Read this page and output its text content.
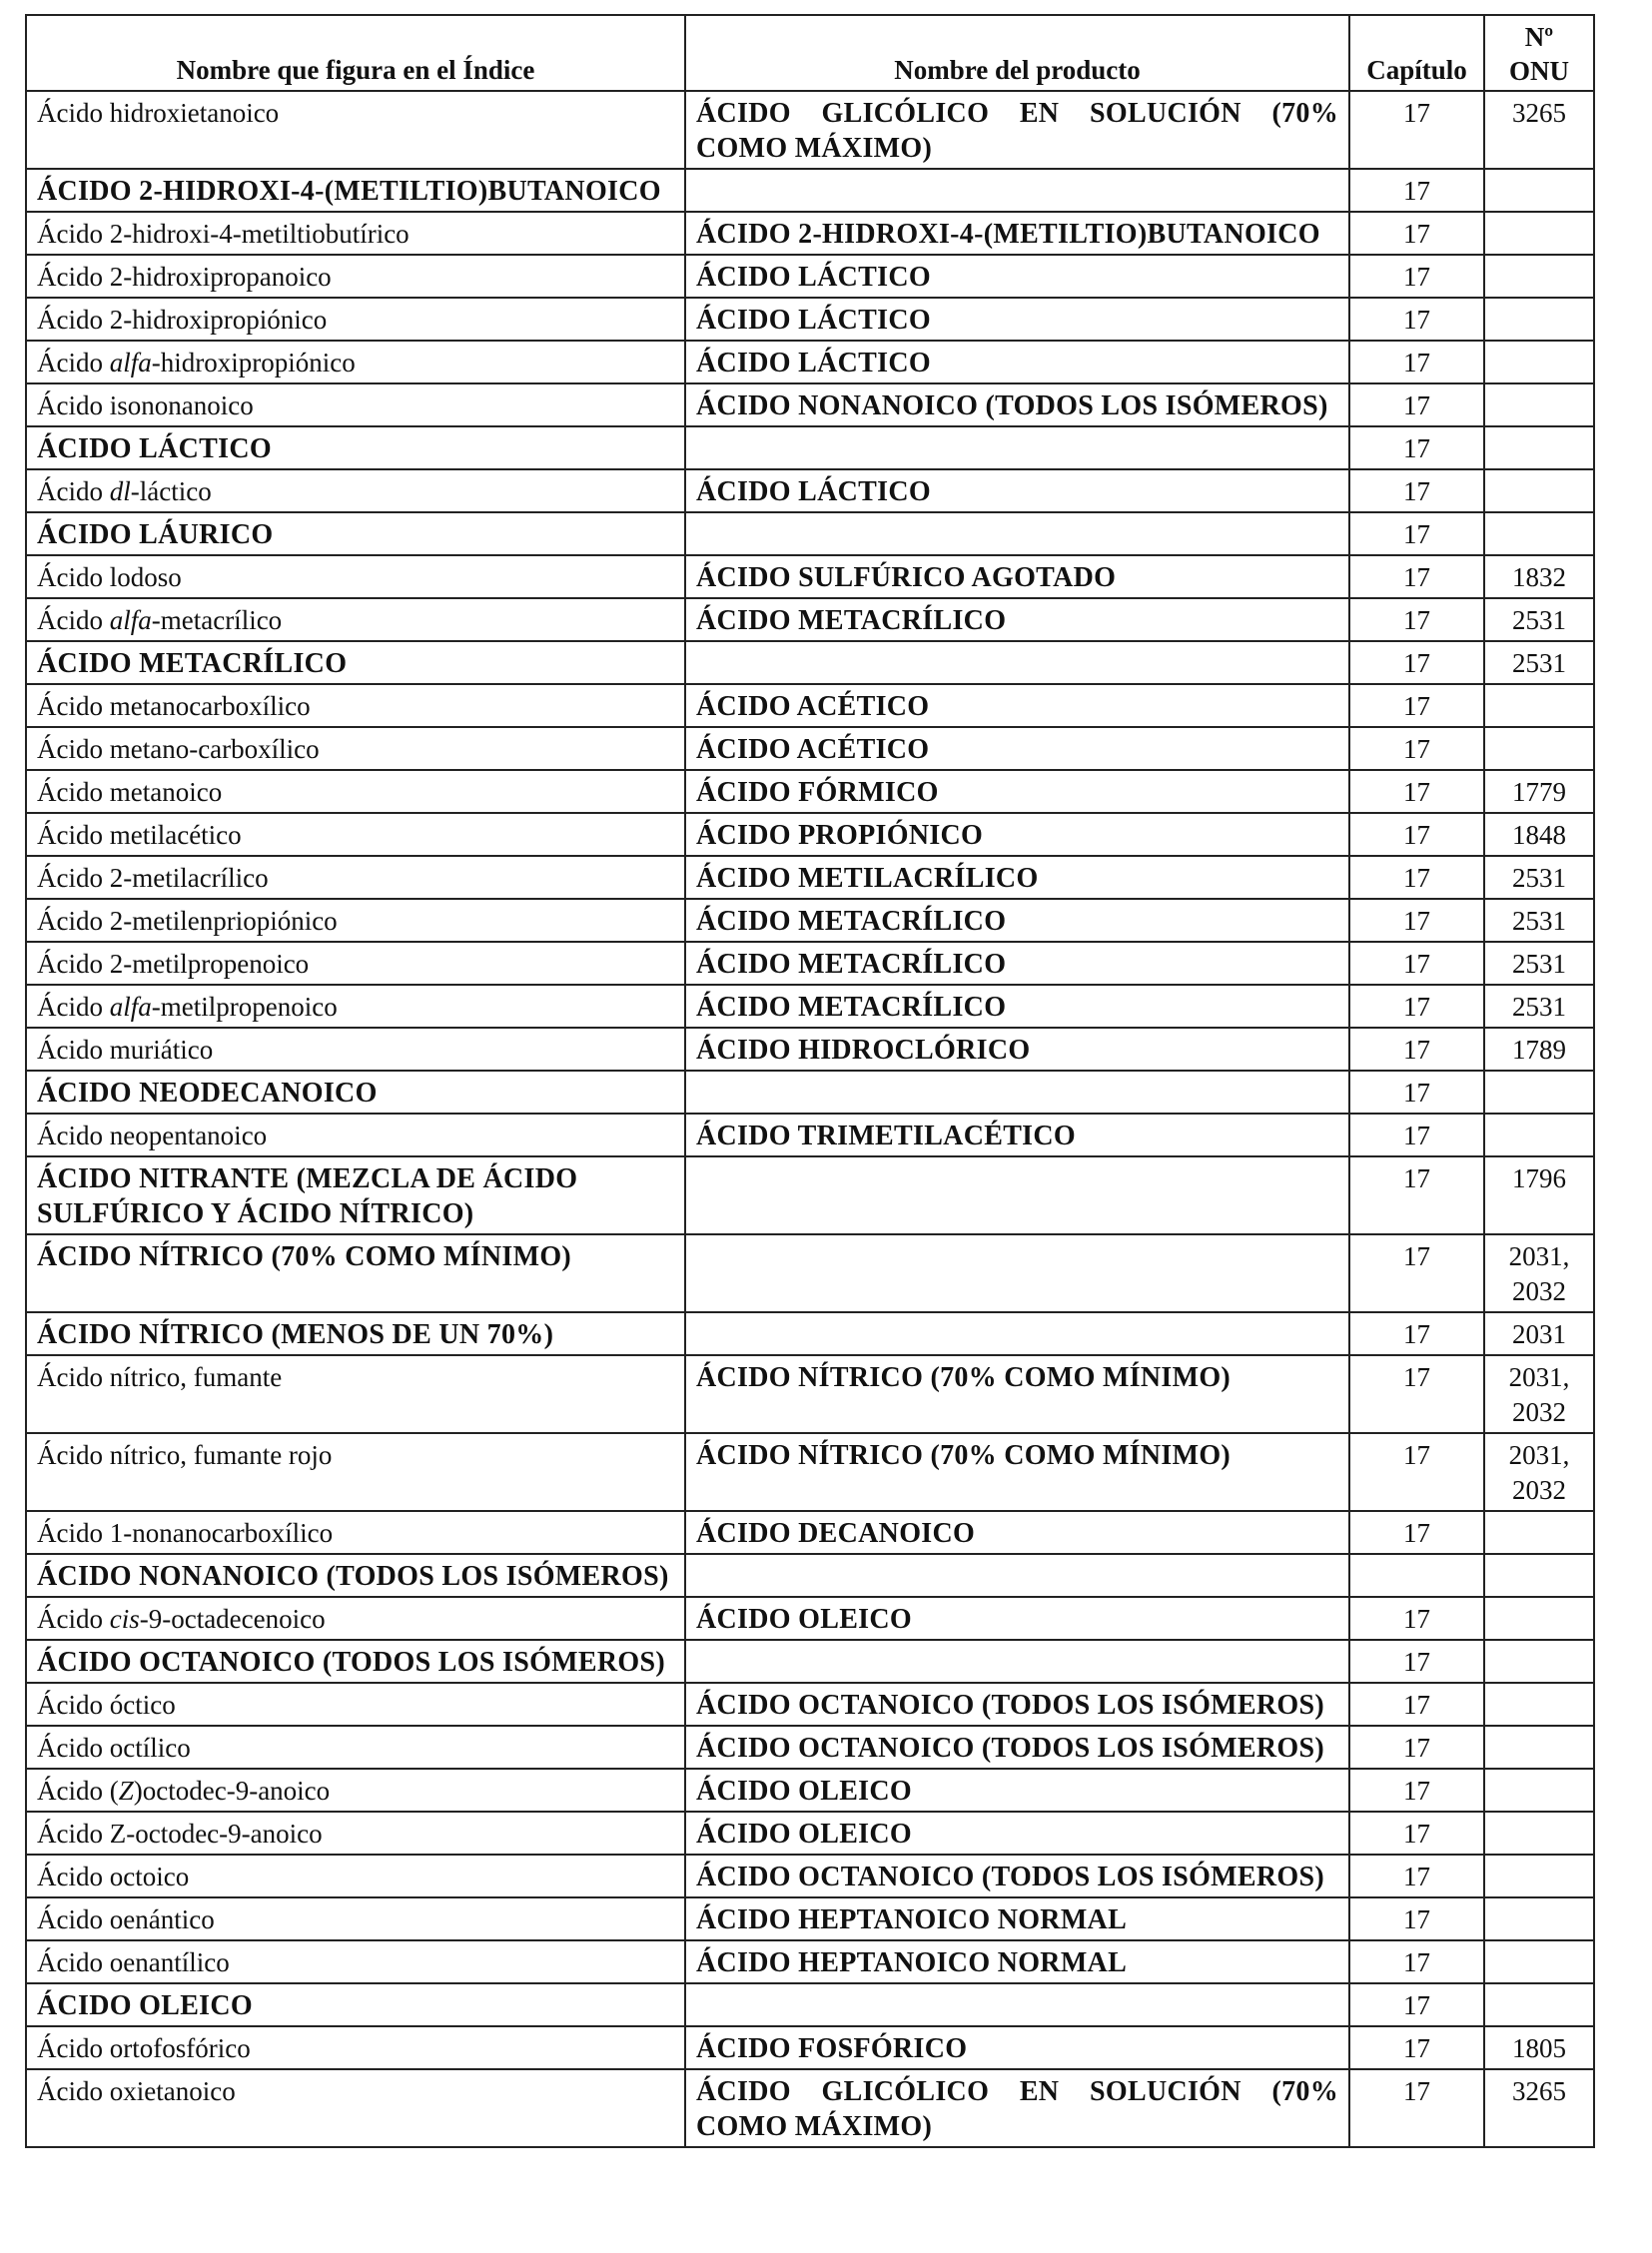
Nombre que figura en el Índice	Nombre del producto	Capítulo	Nº
ONU
Ácido hidroxietanoico	ÁCIDO GLICÓLICO EN SOLUCIÓN (70% COMO MÁXIMO)	17	3265
ÁCIDO 2-HIDROXI-4-(METILTIO)BUTANOICO		17	
Ácido 2-hidroxi-4-metiltiobutírico	ÁCIDO 2-HIDROXI-4-(METILTIO)BUTANOICO	17	
Ácido 2-hidroxipropanoico	ÁCIDO LÁCTICO	17	
Ácido 2-hidroxipropiónico	ÁCIDO LÁCTICO	17	
Ácido alfa-hidroxipropiónico	ÁCIDO LÁCTICO	17	
Ácido isononanoico	ÁCIDO NONANOICO (TODOS LOS ISÓMEROS)	17	
ÁCIDO LÁCTICO		17	
Ácido dl-láctico	ÁCIDO LÁCTICO	17	
ÁCIDO LÁURICO		17	
Ácido lodoso	ÁCIDO SULFÚRICO AGOTADO	17	1832
Ácido alfa-metacrílico	ÁCIDO METACRÍLICO	17	2531
ÁCIDO METACRÍLICO		17	2531
Ácido metanocarboxílico	ÁCIDO ACÉTICO	17	
Ácido metano-carboxílico	ÁCIDO ACÉTICO	17	
Ácido metanoico	ÁCIDO FÓRMICO	17	1779
Ácido metilacético	ÁCIDO PROPIÓNICO	17	1848
Ácido 2-metilacrílico	ÁCIDO METILACRÍLICO	17	2531
Ácido 2-metilenpriopiónico	ÁCIDO METACRÍLICO	17	2531
Ácido 2-metilpropenoico	ÁCIDO METACRÍLICO	17	2531
Ácido alfa-metilpropenoico	ÁCIDO METACRÍLICO	17	2531
Ácido muriático	ÁCIDO HIDROCLÓRICO	17	1789
ÁCIDO NEODECANOICO		17	
Ácido neopentanoico	ÁCIDO TRIMETILACÉTICO	17	
ÁCIDO NITRANTE (MEZCLA DE ÁCIDO SULFÚRICO Y ÁCIDO NÍTRICO)		17	1796
ÁCIDO NÍTRICO (70% COMO MÍNIMO)		17	2031, 2032
ÁCIDO NÍTRICO (MENOS DE UN 70%)		17	2031
Ácido nítrico, fumante	ÁCIDO NÍTRICO (70% COMO MÍNIMO)	17	2031, 2032
Ácido nítrico, fumante rojo	ÁCIDO NÍTRICO (70% COMO MÍNIMO)	17	2031, 2032
Ácido 1-nonanocarboxílico	ÁCIDO DECANOICO	17	
ÁCIDO NONANOICO (TODOS LOS ISÓMEROS)			
Ácido cis-9-octadecenoico	ÁCIDO OLEICO	17	
ÁCIDO OCTANOICO (TODOS LOS ISÓMEROS)		17	
Ácido óctico	ÁCIDO OCTANOICO (TODOS LOS ISÓMEROS)	17	
Ácido octílico	ÁCIDO OCTANOICO (TODOS LOS ISÓMEROS)	17	
Ácido (Z)octodec-9-anoico	ÁCIDO OLEICO	17	
Ácido Z-octodec-9-anoico	ÁCIDO OLEICO	17	
Ácido octoico	ÁCIDO OCTANOICO (TODOS LOS ISÓMEROS)	17	
Ácido oenántico	ÁCIDO HEPTANOICO NORMAL	17	
Ácido oenantílico	ÁCIDO HEPTANOICO NORMAL	17	
ÁCIDO OLEICO		17	
Ácido ortofosfórico	ÁCIDO FOSFÓRICO	17	1805
Ácido oxietanoico	ÁCIDO GLICÓLICO EN SOLUCIÓN (70% COMO MÁXIMO)	17	3265
